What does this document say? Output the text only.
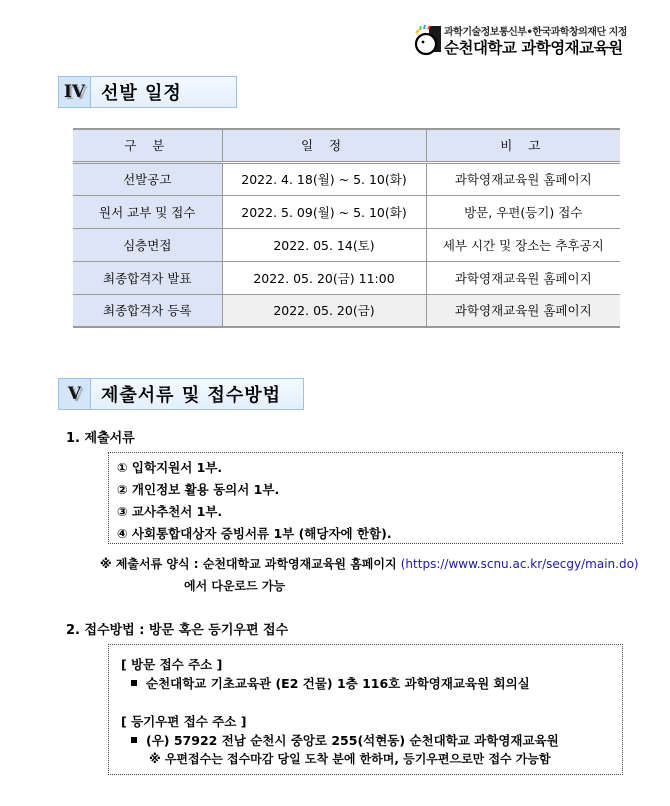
과학기술정보통신부•한국과학창의재단 지정
순천대학교 과학영재교육원
IV 선발 일정
구 분	일 정	비 고
선발공고	2022. 4. 18(월) ~ 5. 10(화)	과학영재교육원 홈페이지
원서 교부 및 접수	2022. 5. 09(월) ~ 5. 10(화)	방문, 우편(등기) 접수
심층면접	2022. 05. 14(토)	세부 시간 및 장소는 추후공지
최종합격자 발표	2022. 05. 20(금) 11:00	과학영재교육원 홈페이지
최종합격자 등록	2022. 05. 20(금)	과학영재교육원 홈페이지
V	제출서류 및 접수방법
1. 제출서류
① 입학지원서 1부.
② 개인정보 활용 동의서 1부.
③ 교사추천서 1부.
④ 사회통합대상자 증빙서류 1부 (해당자에 한함).
※ 제출서류 양식 : 순천대학교 과학영재교육원 홈페이지 (https://www.scnu.ac.kr/secgy/main.do)
에서 다운로드 가능
2. 접수방법 : 방문 혹은 등기우편 접수
[ 방문 접수 주소 ]
순천대학교 기초교육관 (E2 건물) 1층 116호 과학영재교육원 회의실
[ 등기우편 접수 주소 ]
(우) 57922 전남 순천시 중앙로 255(석현동) 순천대학교 과학영재교육원
※ 우편접수는 접수마감 당일 도착 분에 한하며, 등기우편으로만 접수 가능함
